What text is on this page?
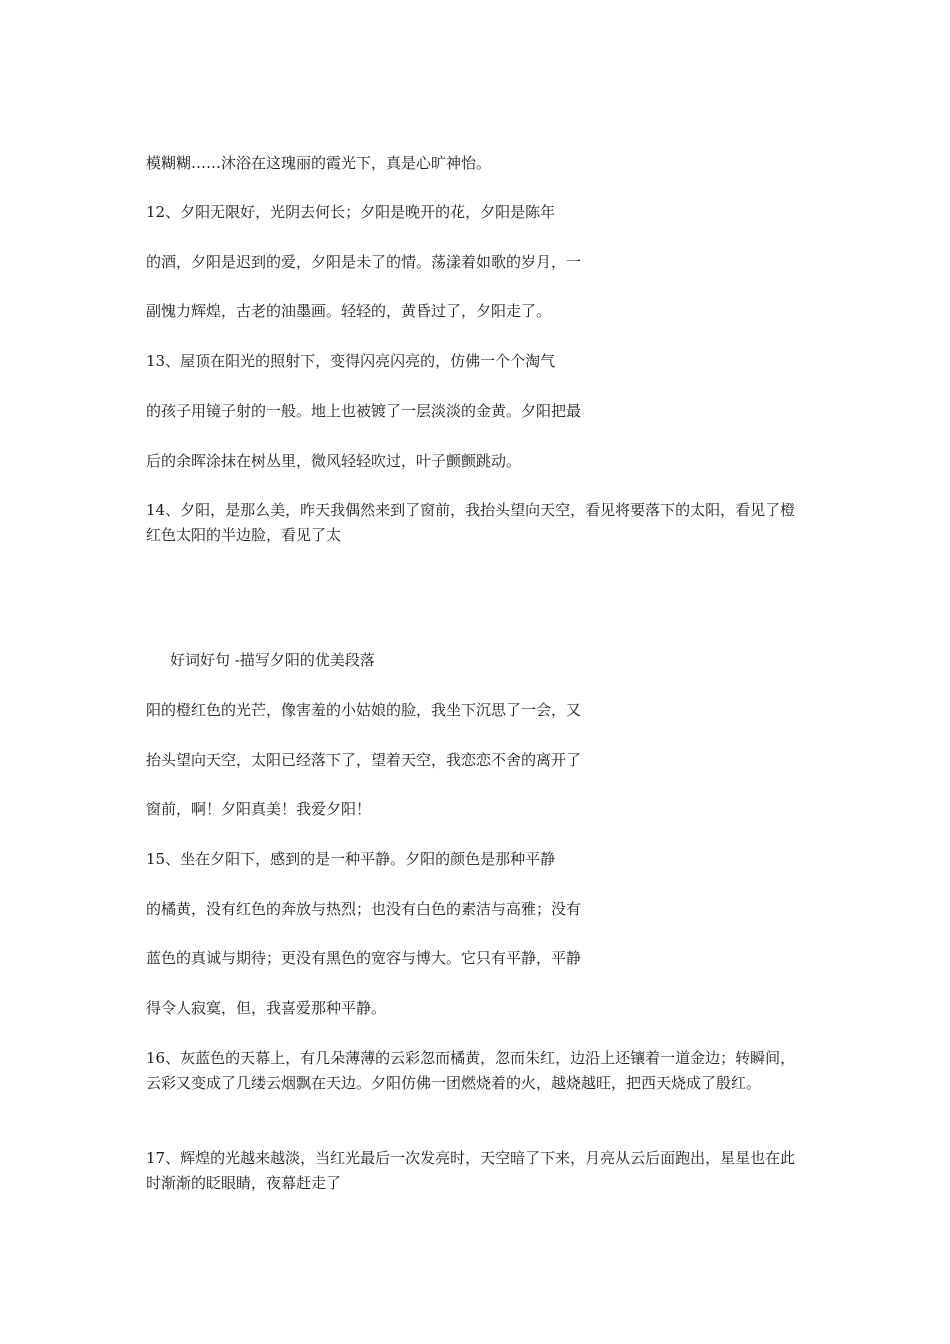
模糊糊……沐浴在这瑰丽的霞光下，真是心旷神怡。

12、夕阳无限好，光阴去何长；夕阳是晚开的花，夕阳是陈年

的酒，夕阳是迟到的爱，夕阳是未了的情。荡漾着如歌的岁月，一

副愧力辉煌，古老的油墨画。轻轻的，黄昏过了，夕阳走了。

13、屋顶在阳光的照射下，变得闪亮闪亮的，仿佛一个个淘气

的孩子用镜子射的一般。地上也被镀了一层淡淡的金黄。夕阳把最

后的余晖涂抹在树丛里，微风轻轻吹过，叶子颤颤跳动。

14、夕阳，是那么美，昨天我偶然来到了窗前，我抬头望向天空，看见将要落下的太阳，看见了橙红色太阳的半边脸，看见了太

好词好句 -描写夕阳的优美段落

阳的橙红色的光芒，像害羞的小姑娘的脸，我坐下沉思了一会，又

抬头望向天空，太阳已经落下了，望着天空，我恋恋不舍的离开了

窗前，啊！夕阳真美！我爱夕阳！

15、坐在夕阳下，感到的是一种平静。夕阳的颜色是那种平静

的橘黄，没有红色的奔放与热烈；也没有白色的素洁与高雅；没有

蓝色的真诚与期待；更没有黑色的宽容与博大。它只有平静，平静

得令人寂寞，但，我喜爱那种平静。

16、灰蓝色的天幕上，有几朵薄薄的云彩忽而橘黄，忽而朱红，边沿上还镶着一道金边；转瞬间，云彩又变成了几缕云烟飘在天边。夕阳仿佛一团燃烧着的火，越烧越旺，把西天烧成了殷红。

17、辉煌的光越来越淡，当红光最后一次发亮时，天空暗了下来，月亮从云后面跑出，星星也在此时渐渐的眨眼睛，夜幕赶走了
